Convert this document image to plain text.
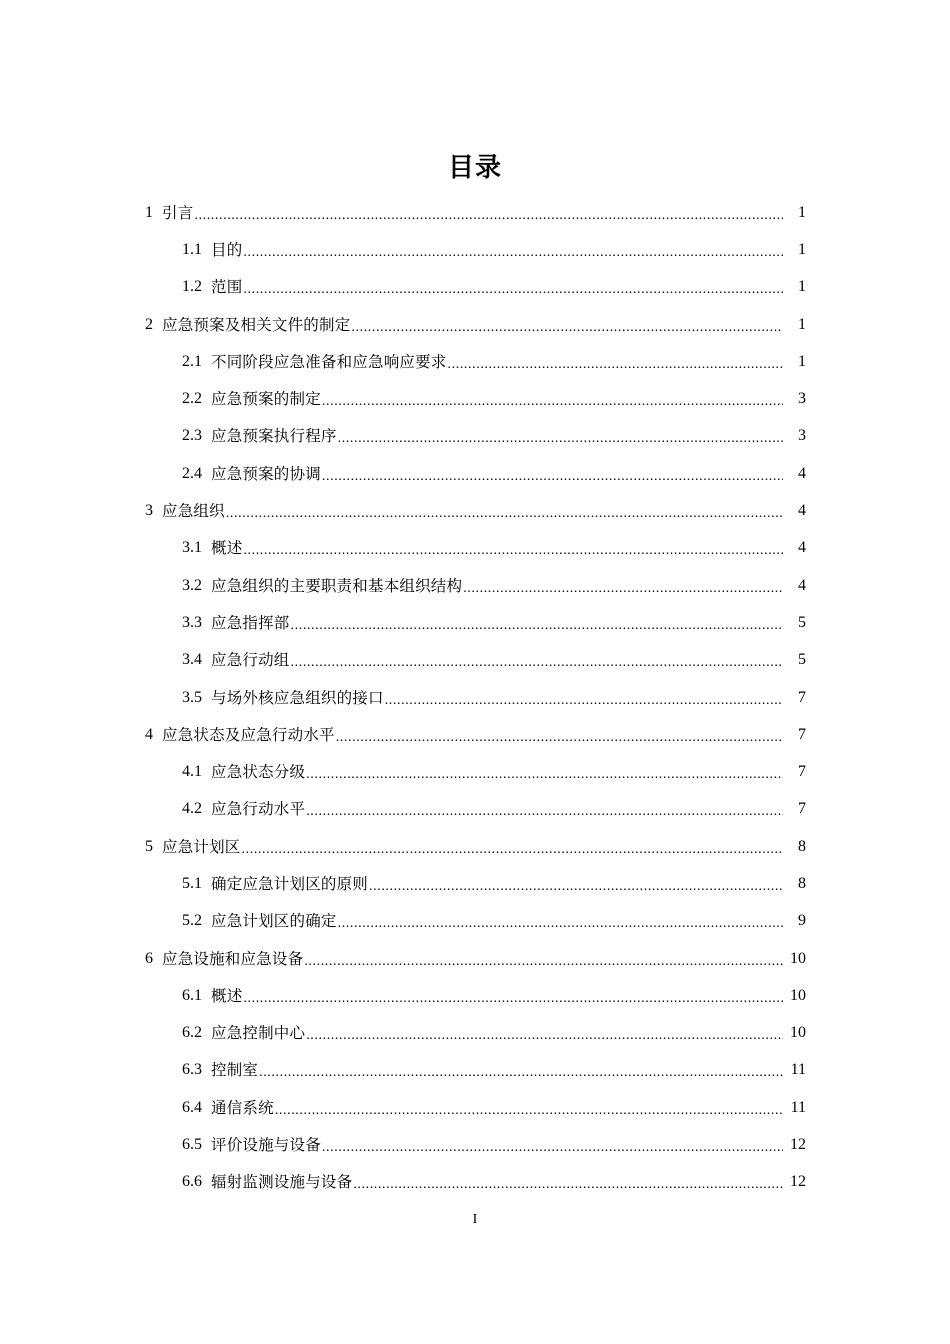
目录
1 引言 .....	1
1.1 目的 .....	1
1.2 范围 .....	1
2 应急预案及相关文件的制定 .....	1
2.1 不同阶段应急准备和应急响应要求 .....	1
2.2 应急预案的制定 .....	3
2.3 应急预案执行程序 .....	3
2.4 应急预案的协调 .....	4
3 应急组织 .....	4
3.1 概述 .....	4
3.2 应急组织的主要职责和基本组织结构 .....	4
3.3 应急指挥部 .....	5
3.4 应急行动组 .....	5
3.5 与场外核应急组织的接口 .....	7
4 应急状态及应急行动水平 .....	7
4.1 应急状态分级 .....	7
4.2 应急行动水平 .....	7
5 应急计划区 .....	8
5.1 确定应急计划区的原则 .....	8
5.2 应急计划区的确定 .....	9
6 应急设施和应急设备 .....	10
6.1 概述 .....	10
6.2 应急控制中心 .....	10
6.3 控制室 .....	11
6.4 通信系统 .....	11
6.5 评价设施与设备 .....	12
6.6 辐射监测设施与设备 .....	12
I
